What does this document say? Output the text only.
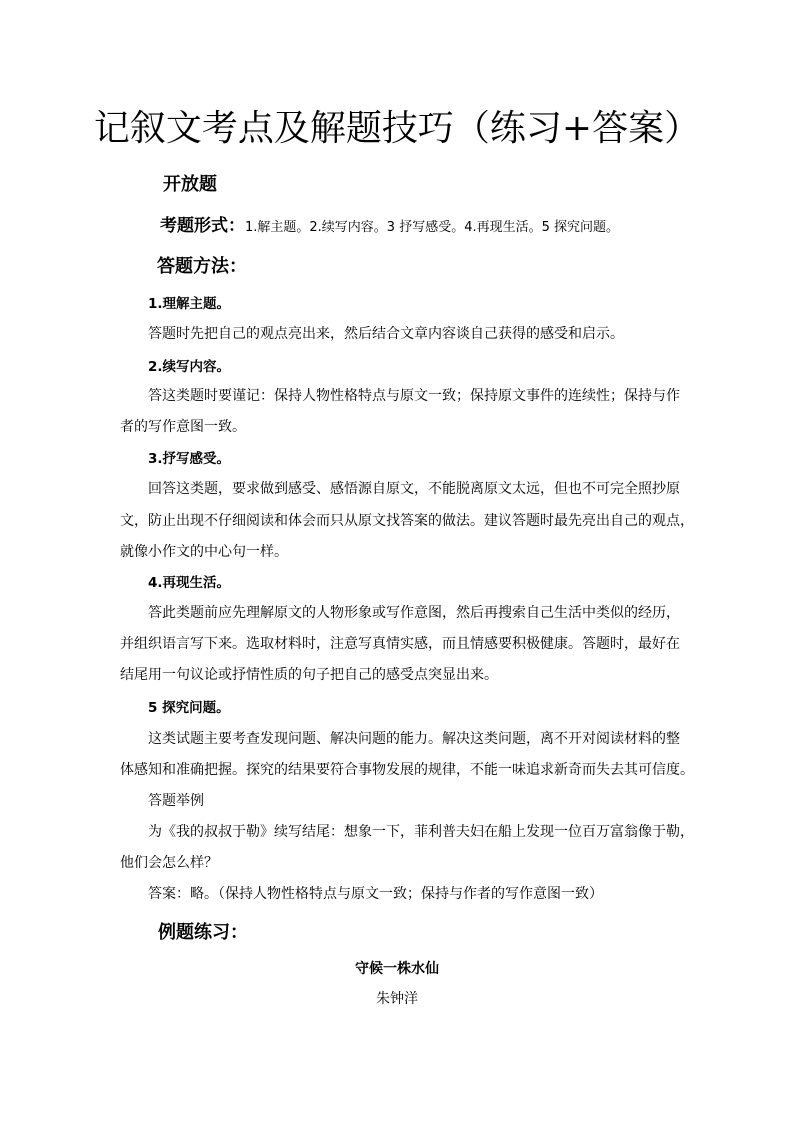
记叙文考点及解题技巧（练习+答案）
开放题
考题形式：1.解主题。2.续写内容。3 抒写感受。4.再现生活。5 探究问题。
答题方法：
1.理解主题。
答题时先把自己的观点亮出来，然后结合文章内容谈自己获得的感受和启示。
2.续写内容。
答这类题时要谨记：保持人物性格特点与原文一致；保持原文事件的连续性；保持与作
者的写作意图一致。
3.抒写感受。
回答这类题，要求做到感受、感悟源自原文，不能脱离原文太远，但也不可完全照抄原
文，防止出现不仔细阅读和体会而只从原文找答案的做法。建议答题时最先亮出自己的观点，
就像小作文的中心句一样。
4.再现生活。
答此类题前应先理解原文的人物形象或写作意图，然后再搜索自己生活中类似的经历，
并组织语言写下来。选取材料时，注意写真情实感，而且情感要积极健康。答题时，最好在
结尾用一句议论或抒情性质的句子把自己的感受点突显出来。
5 探究问题。
这类试题主要考查发现问题、解决问题的能力。解决这类问题，离不开对阅读材料的整
体感知和准确把握。探究的结果要符合事物发展的规律，不能一味追求新奇而失去其可信度。
答题举例
为《我的叔叔于勒》续写结尾：想象一下，菲利普夫妇在船上发现一位百万富翁像于勒，
他们会怎么样？
答案：略。（保持人物性格特点与原文一致；保持与作者的写作意图一致）
例题练习：
守候一株水仙
朱钟洋
